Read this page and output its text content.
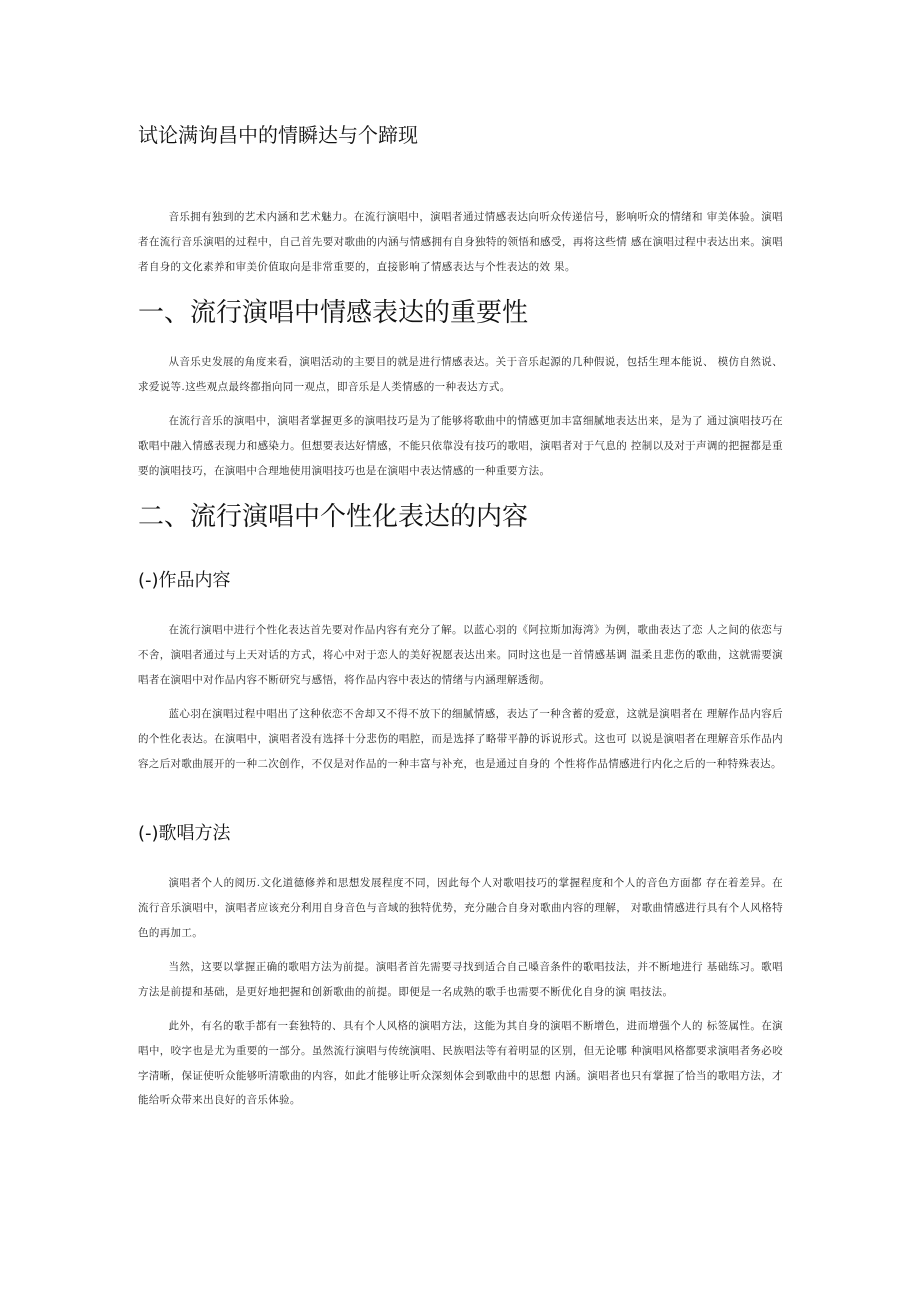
试论满询昌中的情瞬达与个蹄现

音乐拥有独到的艺术内涵和艺术魅力。在流行演唱中，演唱者通过情感表达向听众传递信号，影响听众的情绪和 审美体验。演唱者在流行音乐演唱的过程中，自己首先要对歌曲的内涵与情感拥有自身独特的领悟和感受，再将这些情 感在演唱过程中表达出来。演唱者自身的文化素养和审美价值取向是非常重要的，直接影响了情感表达与个性表达的效 果。

一、流行演唱中情感表达的重要性

从音乐史发展的角度来看，演唱活动的主要目的就是进行情感表达。关于音乐起源的几种假说，包括生理本能说、 模仿自然说、求爱说等.这些观点最终都指向同一观点，即音乐是人类情感的一种表达方式。

在流行音乐的演唱中，演唱者掌握更多的演唱技巧是为了能够将歌曲中的情感更加丰富细腻地表达出来，是为了 通过演唱技巧在歌唱中融入情感表现力和感染力。但想要表达好情感，不能只依靠没有技巧的歌唱，演唱者对于气息的 控制以及对于声调的把握都是重要的演唱技巧，在演唱中合理地使用演唱技巧也是在演唱中表达情感的一种重要方法。

二、流行演唱中个性化表达的内容
(-)作品内容

在流行演唱中进行个性化表达首先要对作品内容有充分了解。以蓝心羽的《阿拉斯加海湾》为例，歌曲表达了恋 人之间的依恋与不舍，演唱者通过与上天对话的方式，将心中对于恋人的美好祝愿表达出来。同时这也是一首情感基调 温柔且悲伤的歌曲，这就需要演唱者在演唱中对作品内容不断研究与感悟，将作品内容中表达的情绪与内涵理解透彻。

蓝心羽在演唱过程中唱出了这种依恋不舍却又不得不放下的细腻情感，表达了一种含蓄的爱意，这就是演唱者在 理解作品内容后的个性化表达。在演唱中，演唱者没有选择十分悲伤的唱腔，而是选择了略带平静的诉说形式。这也可 以说是演唱者在理解音乐作品内容之后对歌曲展开的一种二次创作，不仅是对作品的一种丰富与补充，也是通过自身的 个性将作品情感进行内化之后的一种特殊表达。

(-)歌唱方法

演唱者个人的阅历.文化道德修养和思想发展程度不同，因此每个人对歌唱技巧的掌握程度和个人的音色方面都 存在着差异。在流行音乐演唱中，演唱者应该充分利用自身音色与音域的独特优势，充分融合自身对歌曲内容的理解， 对歌曲情感进行具有个人风格特色的再加工。

当然，这要以掌握正确的歌唱方法为前提。演唱者首先需要寻找到适合自己嗓音条件的歌唱技法，并不断地进行 基础练习。歌唱方法是前提和基础，是更好地把握和创新歌曲的前提。即便是一名成熟的歌手也需要不断优化自身的演 唱技法。

此外，有名的歌手都有一套独特的、具有个人风格的演唱方法，这能为其自身的演唱不断增色，进而增强个人的 标签属性。在演唱中，咬字也是尤为重要的一部分。虽然流行演唱与传统演唱、民族唱法等有着明显的区别，但无论哪 种演唱风格都要求演唱者务必咬字清晰，保证使听众能够听清歌曲的内容，如此才能够让听众深刻体会到歌曲中的思想 内涵。演唱者也只有掌握了恰当的歌唱方法，才能给听众带来出良好的音乐体验。
